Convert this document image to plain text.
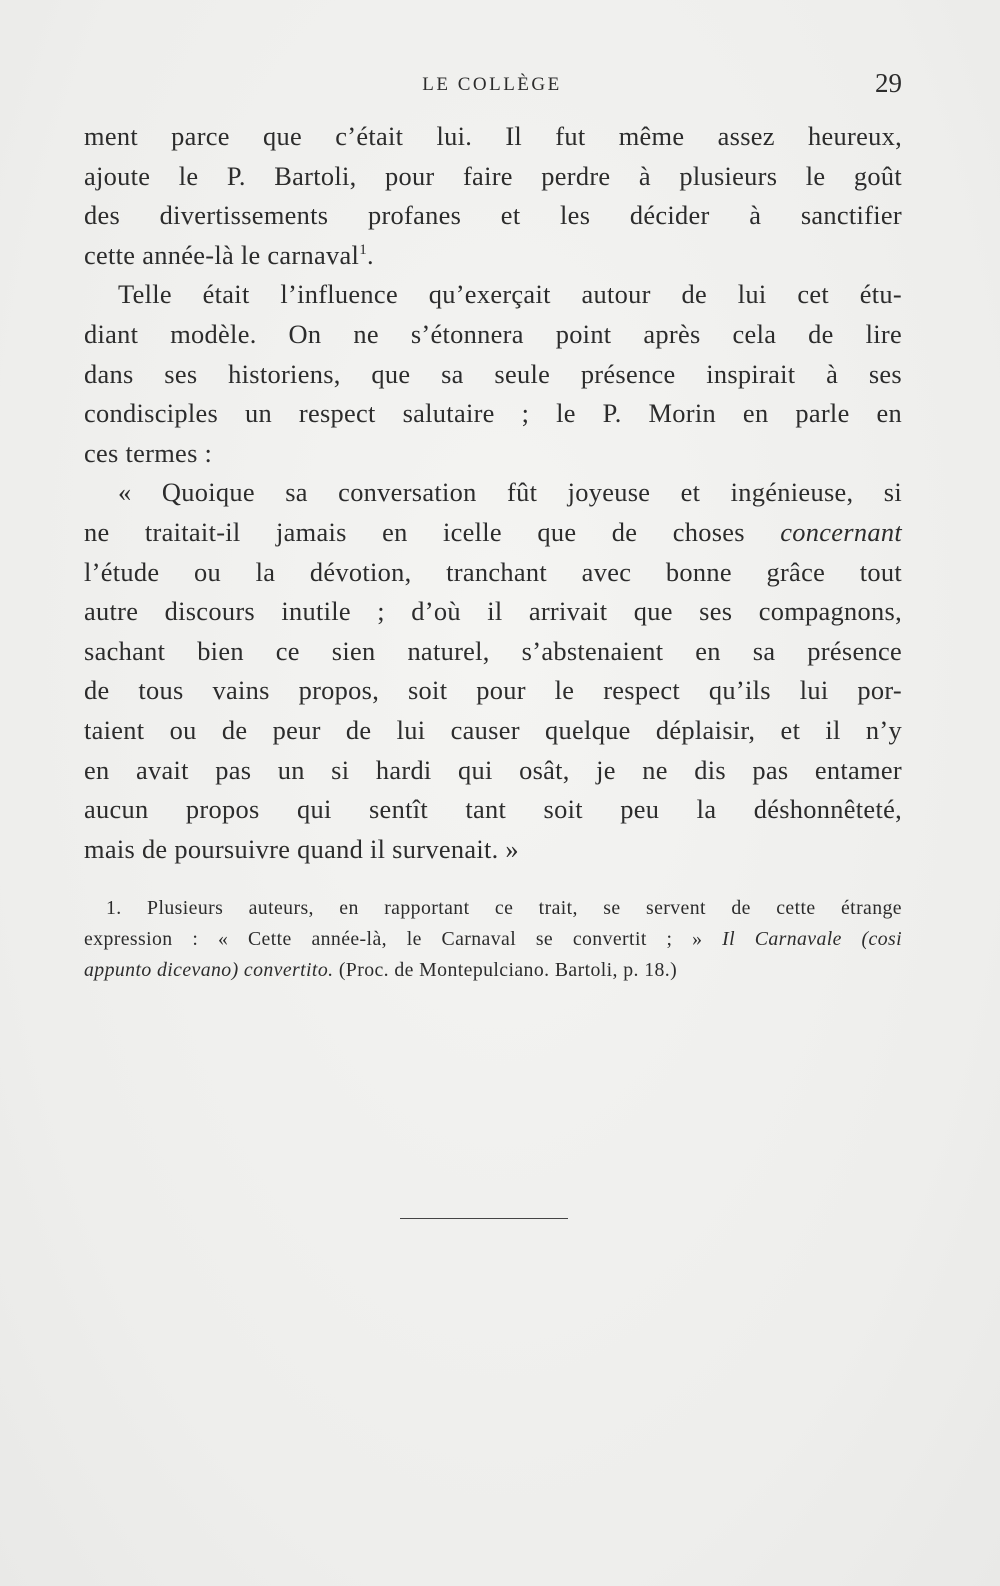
LE COLLÈGE	29
ment parce que c’était lui. Il fut même assez heureux,
ajoute le P. Bartoli, pour faire perdre à plusieurs le goût
des divertissements profanes et les décider à sanctifier
cette année-là le carnaval$^1$.
Telle était l’influence qu’exerçait autour de lui cet étu-
diant modèle. On ne s’étonnera point après cela de lire
dans ses historiens, que sa seule présence inspirait à ses
condisciples un respect salutaire ; le P. Morin en parle en
ces termes :
« Quoique sa conversation fût joyeuse et ingénieuse, si
ne traitait-il jamais en icelle que de choses concernant
l’étude ou la dévotion, tranchant avec bonne grâce tout
autre discours inutile ; d’où il arrivait que ses compagnons,
sachant bien ce sien naturel, s’abstenaient en sa présence
de tous vains propos, soit pour le respect qu’ils lui por-
taient ou de peur de lui causer quelque déplaisir, et il n’y
en avait pas un si hardi qui osât, je ne dis pas entamer
aucun propos qui sentît tant soit peu la déshonnêteté,
mais de poursuivre quand il survenait. »
1. Plusieurs auteurs, en rapportant ce trait, se servent de cette étrange
expression : « Cette année-là, le Carnaval se convertit ; » Il Carnavale (cosi
appunto dicevano) convertito. (Proc. de Montepulciano. Bartoli, p. 18.)
